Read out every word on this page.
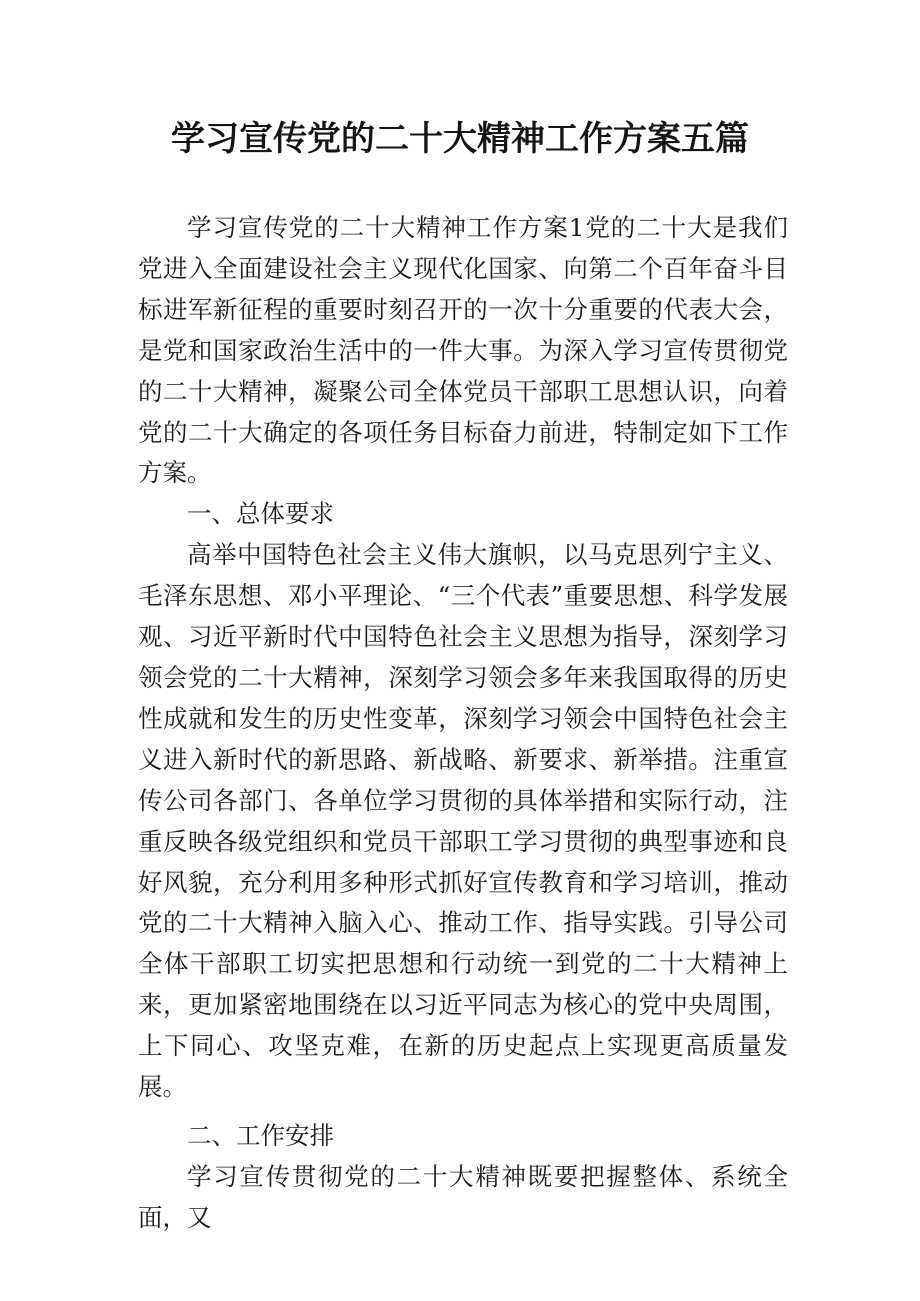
学习宣传党的二十大精神工作方案五篇

学习宣传党的二十大精神工作方案1党的二十大是我们党进入全面建设社会主义现代化国家、向第二个百年奋斗目标进军新征程的重要时刻召开的一次十分重要的代表大会，是党和国家政治生活中的一件大事。为深入学习宣传贯彻党的二十大精神，凝聚公司全体党员干部职工思想认识，向着党的二十大确定的各项任务目标奋力前进，特制定如下工作方案。

一、总体要求

高举中国特色社会主义伟大旗帜，以马克思列宁主义、毛泽东思想、邓小平理论、“三个代表”重要思想、科学发展观、习近平新时代中国特色社会主义思想为指导，深刻学习领会党的二十大精神，深刻学习领会多年来我国取得的历史性成就和发生的历史性变革，深刻学习领会中国特色社会主义进入新时代的新思路、新战略、新要求、新举措。注重宣传公司各部门、各单位学习贯彻的具体举措和实际行动，注重反映各级党组织和党员干部职工学习贯彻的典型事迹和良好风貌，充分利用多种形式抓好宣传教育和学习培训，推动党的二十大精神入脑入心、推动工作、指导实践。引导公司全体干部职工切实把思想和行动统一到党的二十大精神上来，更加紧密地围绕在以习近平同志为核心的党中央周围，上下同心、攻坚克难，在新的历史起点上实现更高质量发展。

二、工作安排

学习宣传贯彻党的二十大精神既要把握整体、系统全面，又
